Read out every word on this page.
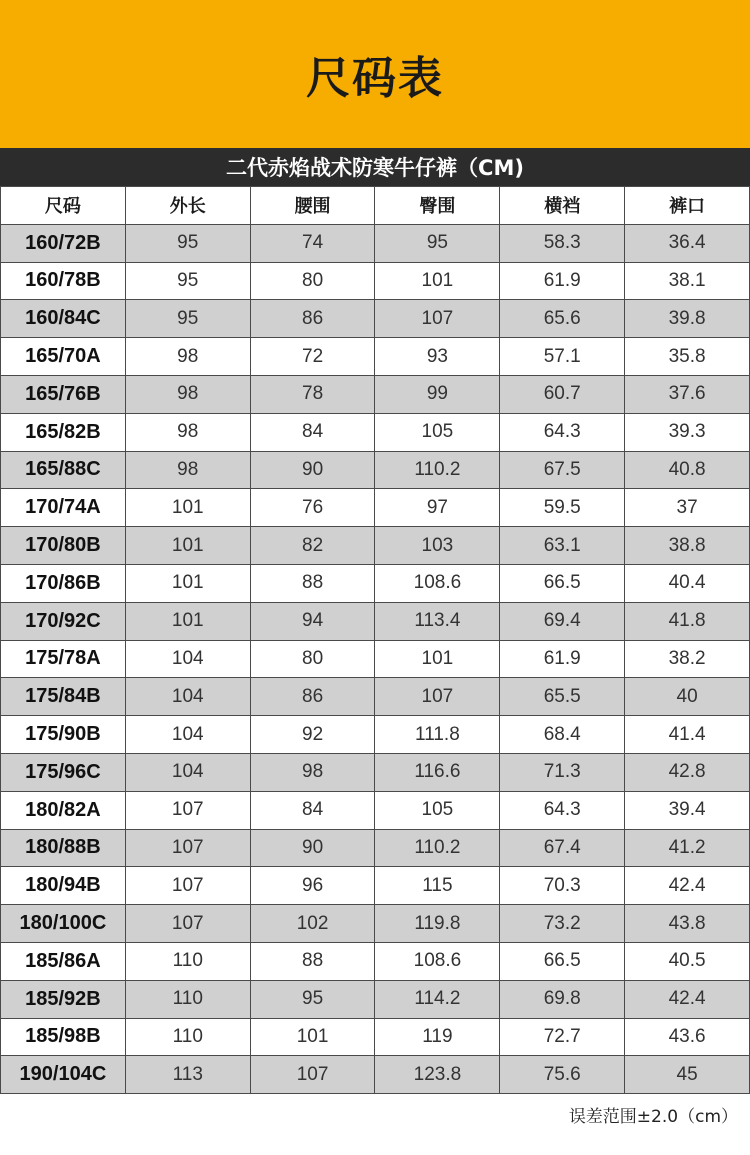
尺码表
二代赤焰战术防寒牛仔裤（CM)
尺码	外长	腰围	臀围	横裆	裤口
160/72B	95	74	95	58.3	36.4
160/78B	95	80	101	61.9	38.1
160/84C	95	86	107	65.6	39.8
165/70A	98	72	93	57.1	35.8
165/76B	98	78	99	60.7	37.6
165/82B	98	84	105	64.3	39.3
165/88C	98	90	110.2	67.5	40.8
170/74A	101	76	97	59.5	37
170/80B	101	82	103	63.1	38.8
170/86B	101	88	108.6	66.5	40.4
170/92C	101	94	113.4	69.4	41.8
175/78A	104	80	101	61.9	38.2
175/84B	104	86	107	65.5	40
175/90B	104	92	111.8	68.4	41.4
175/96C	104	98	116.6	71.3	42.8
180/82A	107	84	105	64.3	39.4
180/88B	107	90	110.2	67.4	41.2
180/94B	107	96	115	70.3	42.4
180/100C	107	102	119.8	73.2	43.8
185/86A	110	88	108.6	66.5	40.5
185/92B	110	95	114.2	69.8	42.4
185/98B	110	101	119	72.7	43.6
190/104C	113	107	123.8	75.6	45
误差范围±2.0（cm）
